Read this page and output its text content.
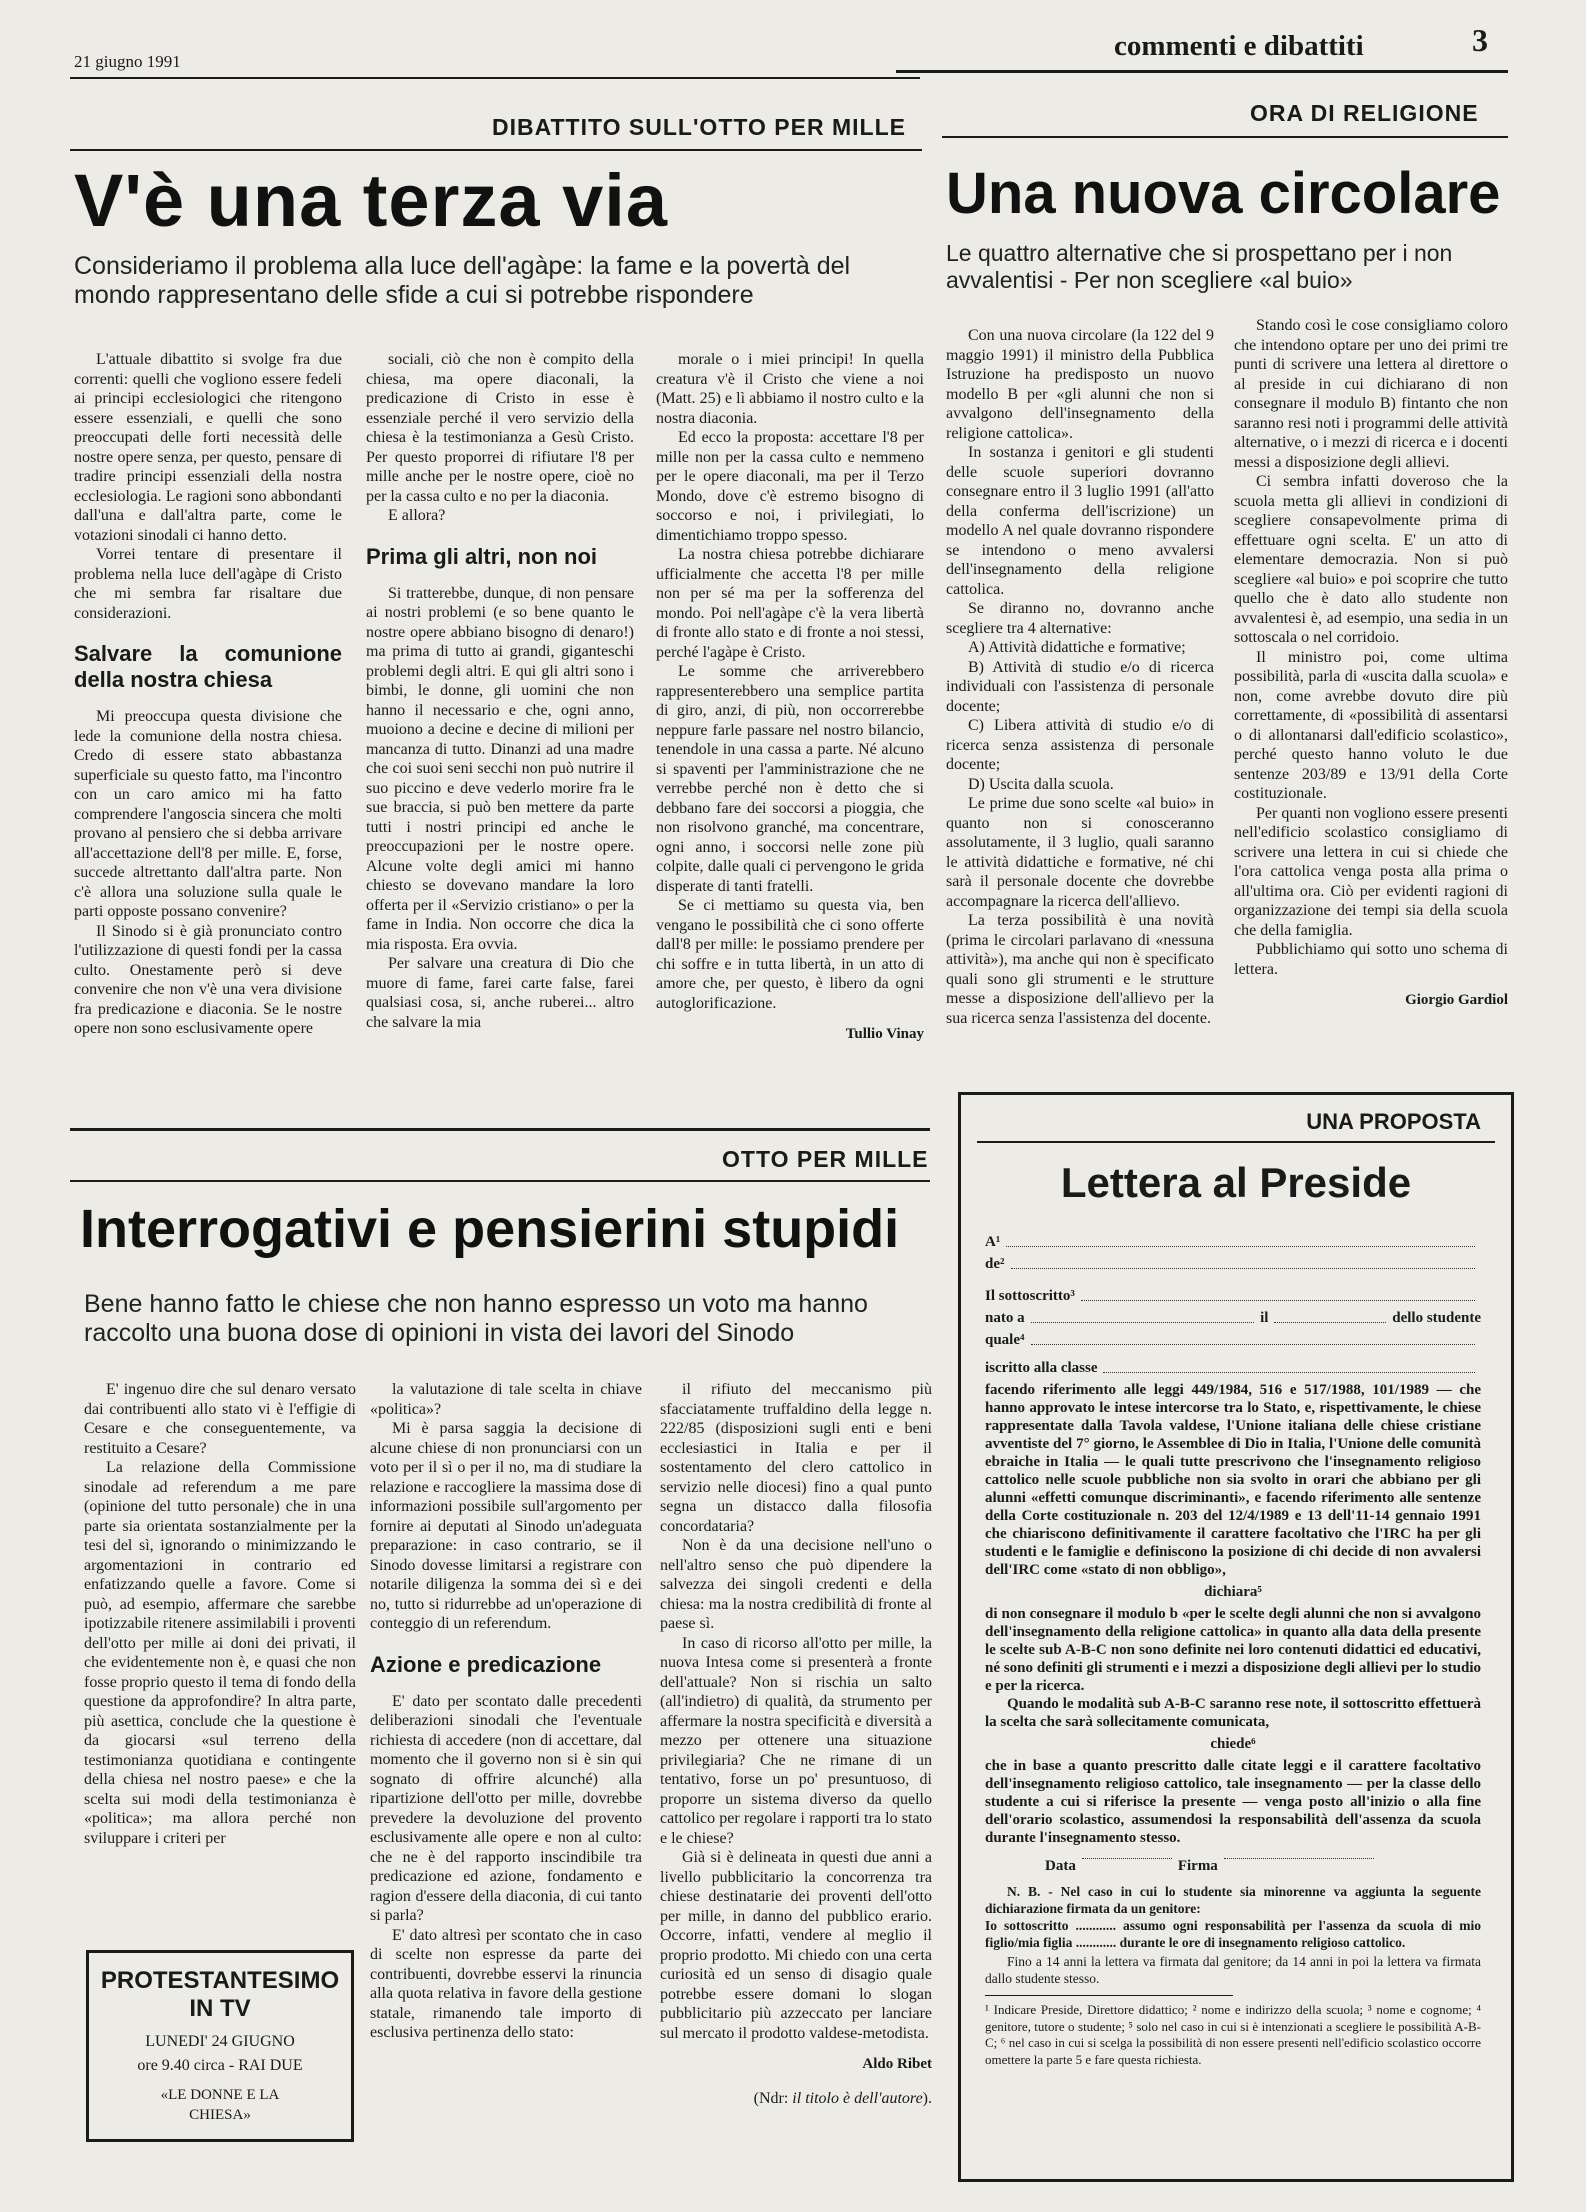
21 giugno 1991	commenti e dibattiti	3
DIBATTITO SULL'OTTO PER MILLE
V'è una terza via
Consideriamo il problema alla luce dell'agàpe: la fame e la povertà del mondo rappresentano delle sfide a cui si potrebbe rispondere

L'attuale dibattito si svolge fra due correnti: quelli che vogliono essere fedeli ai principi ecclesiologici che ritengono essere essenziali, e quelli che sono preoccupati delle forti necessità delle nostre opere senza, per questo, pensare di tradire principi essenziali della nostra ecclesiologia. Le ragioni sono abbondanti dall'una e dall'altra parte, come le votazioni sinodali ci hanno detto.

Vorrei tentare di presentare il problema nella luce dell'agàpe di Cristo che mi sembra far risaltare due considerazioni.

Salvare la comunione della nostra chiesa

Mi preoccupa questa divisione che lede la comunione della nostra chiesa. Credo di essere stato abbastanza superficiale su questo fatto, ma l'incontro con un caro amico mi ha fatto comprendere l'angoscia sincera che molti provano al pensiero che si debba arrivare all'accettazione dell'8 per mille. E, forse, succede altrettanto dall'altra parte. Non c'è allora una soluzione sulla quale le parti opposte possano convenire?

Il Sinodo si è già pronunciato contro l'utilizzazione di questi fondi per la cassa culto. Onestamente però si deve convenire che non v'è una vera divisione fra predicazione e diaconia. Se le nostre opere non sono esclusivamente opere

sociali, ciò che non è compito della chiesa, ma opere diaconali, la predicazione di Cristo in esse è essenziale perché il vero servizio della chiesa è la testimonianza a Gesù Cristo. Per questo proporrei di rifiutare l'8 per mille anche per le nostre opere, cioè no per la cassa culto e no per la diaconia.

E allora?

Prima gli altri, non noi

Si tratterebbe, dunque, di non pensare ai nostri problemi (e so bene quanto le nostre opere abbiano bisogno di denaro!) ma prima di tutto ai grandi, giganteschi problemi degli altri. E qui gli altri sono i bimbi, le donne, gli uomini che non hanno il necessario e che, ogni anno, muoiono a decine e decine di milioni per mancanza di tutto. Dinanzi ad una madre che coi suoi seni secchi non può nutrire il suo piccino e deve vederlo morire fra le sue braccia, si può ben mettere da parte tutti i nostri principi ed anche le preoccupazioni per le nostre opere. Alcune volte degli amici mi hanno chiesto se dovevano mandare la loro offerta per il «Servizio cristiano» o per la fame in India. Non occorre che dica la mia risposta. Era ovvia.

Per salvare una creatura di Dio che muore di fame, farei carte false, farei qualsiasi cosa, si, anche ruberei... altro che salvare la mia

morale o i miei principi! In quella creatura v'è il Cristo che viene a noi (Matt. 25) e lì abbiamo il nostro culto e la nostra diaconia.

Ed ecco la proposta: accettare l'8 per mille non per la cassa culto e nemmeno per le opere diaconali, ma per il Terzo Mondo, dove c'è estremo bisogno di soccorso e noi, i privilegiati, lo dimentichiamo troppo spesso.

La nostra chiesa potrebbe dichiarare ufficialmente che accetta l'8 per mille non per sé ma per la sofferenza del mondo. Poi nell'agàpe c'è la vera libertà di fronte allo stato e di fronte a noi stessi, perché l'agàpe è Cristo.

Le somme che arriverebbero rappresenterebbero una semplice partita di giro, anzi, di più, non occorrerebbe neppure farle passare nel nostro bilancio, tenendole in una cassa a parte. Né alcuno si spaventi per l'amministrazione che ne verrebbe perché non è detto che si debbano fare dei soccorsi a pioggia, che non risolvono granché, ma concentrare, ogni anno, i soccorsi nelle zone più colpite, dalle quali ci pervengono le grida disperate di tanti fratelli.

Se ci mettiamo su questa via, ben vengano le possibilità che ci sono offerte dall'8 per mille: le possiamo prendere per chi soffre e in tutta libertà, in un atto di amore che, per questo, è libero da ogni autoglorificazione.

Tullio Vinay
ORA DI RELIGIONE
Una nuova circolare
Le quattro alternative che si prospettano per i non avvalentisi - Per non scegliere «al buio»

Con una nuova circolare (la 122 del 9 maggio 1991) il ministro della Pubblica Istruzione ha predisposto un nuovo modello B per «gli alunni che non si avvalgono dell'insegnamento della religione cattolica».

In sostanza i genitori e gli studenti delle scuole superiori dovranno consegnare entro il 3 luglio 1991 (all'atto della conferma dell'iscrizione) un modello A nel quale dovranno rispondere se intendono o meno avvalersi dell'insegnamento della religione cattolica.

Se diranno no, dovranno anche scegliere tra 4 alternative:

A) Attività didattiche e formative;

B) Attività di studio e/o di ricerca individuali con l'assistenza di personale docente;

C) Libera attività di studio e/o di ricerca senza assistenza di personale docente;

D) Uscita dalla scuola.

Le prime due sono scelte «al buio» in quanto non si conosceranno assolutamente, il 3 luglio, quali saranno le attività didattiche e formative, né chi sarà il personale docente che dovrebbe accompagnare la ricerca dell'allievo.

La terza possibilità è una novità (prima le circolari parlavano di «nessuna attività»), ma anche qui non è specificato quali sono gli strumenti e le strutture messe a disposizione dell'allievo per la sua ricerca senza l'assistenza del docente.

Stando così le cose consigliamo coloro che intendono optare per uno dei primi tre punti di scrivere una lettera al direttore o al preside in cui dichiarano di non consegnare il modulo B) fintanto che non saranno resi noti i programmi delle attività alternative, o i mezzi di ricerca e i docenti messi a disposizione degli allievi.

Ci sembra infatti doveroso che la scuola metta gli allievi in condizioni di scegliere consapevolmente prima di effettuare ogni scelta. E' un atto di elementare democrazia. Non si può scegliere «al buio» e poi scoprire che tutto quello che è dato allo studente non avvalentesi è, ad esempio, una sedia in un sottoscala o nel corridoio.

Il ministro poi, come ultima possibilità, parla di «uscita dalla scuola» e non, come avrebbe dovuto dire più correttamente, di «possibilità di assentarsi o di allontanarsi dall'edificio scolastico», perché questo hanno voluto le due sentenze 203/89 e 13/91 della Corte costituzionale.

Per quanti non vogliono essere presenti nell'edificio scolastico consigliamo di scrivere una lettera in cui si chiede che l'ora cattolica venga posta alla prima o all'ultima ora. Ciò per evidenti ragioni di organizzazione dei tempi sia della scuola che della famiglia.

Pubblichiamo qui sotto uno schema di lettera.

Giorgio Gardiol
OTTO PER MILLE
Interrogativi e pensierini stupidi
Bene hanno fatto le chiese che non hanno espresso un voto ma hanno raccolto una buona dose di opinioni in vista dei lavori del Sinodo

E' ingenuo dire che sul denaro versato dai contribuenti allo stato vi è l'effigie di Cesare e che conseguentemente, va restituito a Cesare?

La relazione della Commissione sinodale ad referendum a me pare (opinione del tutto personale) che in una parte sia orientata sostanzialmente per la tesi del sì, ignorando o minimizzando le argomentazioni in contrario ed enfatizzando quelle a favore. Come si può, ad esempio, affermare che sarebbe ipotizzabile ritenere assimilabili i proventi dell'otto per mille ai doni dei privati, il che evidentemente non è, e quasi che non fosse proprio questo il tema di fondo della questione da approfondire? In altra parte, più asettica, conclude che la questione è da giocarsi «sul terreno della testimonianza quotidiana e contingente della chiesa nel nostro paese» e che la scelta sui modi della testimonianza è «politica»; ma allora perché non sviluppare i criteri per

la valutazione di tale scelta in chiave «politica»?

Mi è parsa saggia la decisione di alcune chiese di non pronunciarsi con un voto per il sì o per il no, ma di studiare la relazione e raccogliere la massima dose di informazioni possibile sull'argomento per fornire ai deputati al Sinodo un'adeguata preparazione: in caso contrario, se il Sinodo dovesse limitarsi a registrare con notarile diligenza la somma dei sì e dei no, tutto si ridurrebbe ad un'operazione di conteggio di un referendum.

Azione e predicazione

E' dato per scontato dalle precedenti deliberazioni sinodali che l'eventuale richiesta di accedere (non di accettare, dal momento che il governo non si è sin qui sognato di offrire alcunché) alla ripartizione dell'otto per mille, dovrebbe prevedere la devoluzione del provento esclusivamente alle opere e non al culto: che ne è del rapporto inscindibile tra predicazione ed azione, fondamento e ragion d'essere della diaconia, di cui tanto si parla?

E' dato altresì per scontato che in caso di scelte non espresse da parte dei contribuenti, dovrebbe esservi la rinuncia alla quota relativa in favore della gestione statale, rimanendo tale importo di esclusiva pertinenza dello stato:

il rifiuto del meccanismo più sfacciatamente truffaldino della legge n. 222/85 (disposizioni sugli enti e beni ecclesiastici in Italia e per il sostentamento del clero cattolico in servizio nelle diocesi) fino a qual punto segna un distacco dalla filosofia concordataria?

Non è da una decisione nell'uno o nell'altro senso che può dipendere la salvezza dei singoli credenti e della chiesa: ma la nostra credibilità di fronte al paese sì.

In caso di ricorso all'otto per mille, la nuova Intesa come si presenterà a fronte dell'attuale? Non si rischia un salto (all'indietro) di qualità, da strumento per affermare la nostra specificità e diversità a mezzo per ottenere una situazione privilegiaria? Che ne rimane di un tentativo, forse un po' presuntuoso, di proporre un sistema diverso da quello cattolico per regolare i rapporti tra lo stato e le chiese?

Già si è delineata in questi due anni a livello pubblicitario la concorrenza tra chiese destinatarie dei proventi dell'otto per mille, in danno del pubblico erario. Occorre, infatti, vendere al meglio il proprio prodotto. Mi chiedo con una certa curiosità ed un senso di disagio quale potrebbe essere domani lo slogan pubblicitario più azzeccato per lanciare sul mercato il prodotto valdese-metodista.

Aldo Ribet
(Ndr: il titolo è dell'autore).
PROTESTANTESIMO IN TV
LUNEDI' 24 GIUGNO
ore 9.40 circa - RAI DUE
«LE DONNE E LA CHIESA»
UNA PROPOSTA
Lettera al Preside
A¹
de²
Il sottoscritto³
nato a	il	dello studente
quale⁴
iscritto alla classe

facendo riferimento alle leggi 449/1984, 516 e 517/1988, 101/1989 — che hanno approvato le intese intercorse tra lo Stato, e, rispettivamente, le chiese rappresentate dalla Tavola valdese, l'Unione italiana delle chiese cristiane avventiste del 7° giorno, le Assemblee di Dio in Italia, l'Unione delle comunità ebraiche in Italia — le quali tutte prescrivono che l'insegnamento religioso cattolico nelle scuole pubbliche non sia svolto in orari che abbiano per gli alunni «effetti comunque discriminanti», e facendo riferimento alle sentenze della Corte costituzionale n. 203 del 12/4/1989 e 13 dell'11-14 gennaio 1991 che chiariscono definitivamente il carattere facoltativo che l'IRC ha per gli studenti e le famiglie e definiscono la posizione di chi decide di non avvalersi dell'IRC come «stato di non obbligo»,

dichiara⁵

di non consegnare il modulo b «per le scelte degli alunni che non si avvalgono dell'insegnamento della religione cattolica» in quanto alla data della presente le scelte sub A-B-C non sono definite nei loro contenuti didattici ed educativi, né sono definiti gli strumenti e i mezzi a disposizione degli allievi per lo studio e per la ricerca.

Quando le modalità sub A-B-C saranno rese note, il sottoscritto effettuerà la scelta che sarà sollecitamente comunicata,

chiede⁶

che in base a quanto prescritto dalle citate leggi e il carattere facoltativo dell'insegnamento religioso cattolico, tale insegnamento — per la classe dello studente a cui si riferisce la presente — venga posto all'inizio o alla fine dell'orario scolastico, assumendosi la responsabilità dell'assenza da scuola durante l'insegnamento stesso.

Data	Firma

N. B. - Nel caso in cui lo studente sia minorenne va aggiunta la seguente dichiarazione firmata da un genitore:

Io sottoscritto ............ assumo ogni responsabilità per l'assenza da scuola di mio figlio/mia figlia ............ durante le ore di insegnamento religioso cattolico.

Fino a 14 anni la lettera va firmata dal genitore; da 14 anni in poi la lettera va firmata dallo studente stesso.

¹ Indicare Preside, Direttore didattico; ² nome e indirizzo della scuola; ³ nome e cognome; ⁴ genitore, tutore o studente; ⁵ solo nel caso in cui si è intenzionati a scegliere le possibilità A-B-C; ⁶ nel caso in cui si scelga la possibilità di non essere presenti nell'edificio scolastico occorre omettere la parte 5 e fare questa richiesta.
